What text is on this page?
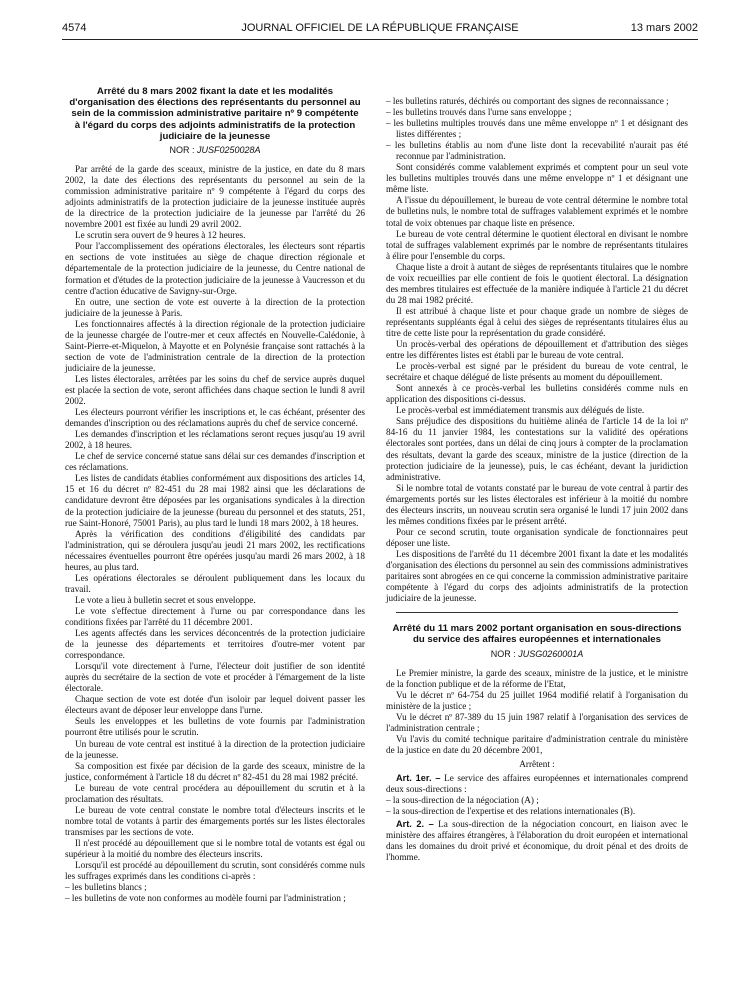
4574	JOURNAL OFFICIEL DE LA RÉPUBLIQUE FRANÇAISE	13 mars 2002
Arrêté du 8 mars 2002 fixant la date et les modalités d'organisation des élections des représentants du personnel au sein de la commission administrative paritaire nº 9 compétente à l'égard du corps des adjoints administratifs de la protection judiciaire de la jeunesse
NOR : JUSF0250028A

Par arrêté de la garde des sceaux, ministre de la justice, en date du 8 mars 2002, la date des élections des représentants du personnel au sein de la commission administrative paritaire nº 9 compétente à l'égard du corps des adjoints administratifs de la protection judiciaire de la jeunesse instituée auprès de la directrice de la protection judiciaire de la jeunesse par l'arrêté du 26 novembre 2001 est fixée au lundi 29 avril 2002.

Le scrutin sera ouvert de 9 heures à 12 heures.

Pour l'accomplissement des opérations électorales, les électeurs sont répartis en sections de vote instituées au siège de chaque direction régionale et départementale de la protection judiciaire de la jeunesse, du Centre national de formation et d'études de la protection judiciaire de la jeunesse à Vaucresson et du centre d'action éducative de Savigny-sur-Orge.

En outre, une section de vote est ouverte à la direction de la protection judiciaire de la jeunesse à Paris.

Les fonctionnaires affectés à la direction régionale de la protection judiciaire de la jeunesse chargée de l'outre-mer et ceux affectés en Nouvelle-Calédonie, à Saint-Pierre-et-Miquelon, à Mayotte et en Polynésie française sont rattachés à la section de vote de l'administration centrale de la direction de la protection judiciaire de la jeunesse.

Les listes électorales, arrêtées par les soins du chef de service auprès duquel est placée la section de vote, seront affichées dans chaque section le lundi 8 avril 2002.

Les électeurs pourront vérifier les inscriptions et, le cas échéant, présenter des demandes d'inscription ou des réclamations auprès du chef de service concerné.

Les demandes d'inscription et les réclamations seront reçues jusqu'au 19 avril 2002, à 18 heures.

Le chef de service concerné statue sans délai sur ces demandes d'inscription et ces réclamations.

Les listes de candidats établies conformément aux dispositions des articles 14, 15 et 16 du décret nº 82-451 du 28 mai 1982 ainsi que les déclarations de candidature devront être déposées par les organisations syndicales à la direction de la protection judiciaire de la jeunesse (bureau du personnel et des statuts, 251, rue Saint-Honoré, 75001 Paris), au plus tard le lundi 18 mars 2002, à 18 heures.

Après la vérification des conditions d'éligibilité des candidats par l'administration, qui se déroulera jusqu'au jeudi 21 mars 2002, les rectifications nécessaires éventuelles pourront être opérées jusqu'au mardi 26 mars 2002, à 18 heures, au plus tard.

Les opérations électorales se déroulent publiquement dans les locaux du travail.

Le vote a lieu à bulletin secret et sous enveloppe.

Le vote s'effectue directement à l'urne ou par correspondance dans les conditions fixées par l'arrêté du 11 décembre 2001.

Les agents affectés dans les services déconcentrés de la protection judiciaire de la jeunesse des départements et territoires d'outre-mer votent par correspondance.

Lorsqu'il vote directement à l'urne, l'électeur doit justifier de son identité auprès du secrétaire de la section de vote et procéder à l'émargement de la liste électorale.

Chaque section de vote est dotée d'un isoloir par lequel doivent passer les électeurs avant de déposer leur enveloppe dans l'urne.

Seuls les enveloppes et les bulletins de vote fournis par l'administration pourront être utilisés pour le scrutin.

Un bureau de vote central est institué à la direction de la protection judiciaire de la jeunesse.

Sa composition est fixée par décision de la garde des sceaux, ministre de la justice, conformément à l'article 18 du décret nº 82-451 du 28 mai 1982 précité.

Le bureau de vote central procédera au dépouillement du scrutin et à la proclamation des résultats.

Le bureau de vote central constate le nombre total d'électeurs inscrits et le nombre total de votants à partir des émargements portés sur les listes électorales transmises par les sections de vote.

Il n'est procédé au dépouillement que si le nombre total de votants est égal ou supérieur à la moitié du nombre des électeurs inscrits.

Lorsqu'il est procédé au dépouillement du scrutin, sont considérés comme nuls les suffrages exprimés dans les conditions ci-après :

– les bulletins blancs ;
– les bulletins de vote non conformes au modèle fourni par l'administration ;
– les bulletins raturés, déchirés ou comportant des signes de reconnaissance ;
– les bulletins trouvés dans l'urne sans enveloppe ;
– les bulletins multiples trouvés dans une même enveloppe nº 1 et désignant des listes différentes ;
– les bulletins établis au nom d'une liste dont la recevabilité n'aurait pas été reconnue par l'administration.

Sont considérés comme valablement exprimés et comptent pour un seul vote les bulletins multiples trouvés dans une même enveloppe nº 1 et désignant une même liste.

A l'issue du dépouillement, le bureau de vote central détermine le nombre total de bulletins nuls, le nombre total de suffrages valablement exprimés et le nombre total de voix obtenues par chaque liste en présence.

Le bureau de vote central détermine le quotient électoral en divisant le nombre total de suffrages valablement exprimés par le nombre de représentants titulaires à élire pour l'ensemble du corps.

Chaque liste a droit à autant de sièges de représentants titulaires que le nombre de voix recueillies par elle contient de fois le quotient électoral. La désignation des membres titulaires est effectuée de la manière indiquée à l'article 21 du décret du 28 mai 1982 précité.

Il est attribué à chaque liste et pour chaque grade un nombre de sièges de représentants suppléants égal à celui des sièges de représentants titulaires élus au titre de cette liste pour la représentation du grade considéré.

Un procès-verbal des opérations de dépouillement et d'attribution des sièges entre les différentes listes est établi par le bureau de vote central.

Le procès-verbal est signé par le président du bureau de vote central, le secrétaire et chaque délégué de liste présents au moment du dépouillement.

Sont annexés à ce procès-verbal les bulletins considérés comme nuls en application des dispositions ci-dessus.

Le procès-verbal est immédiatement transmis aux délégués de liste.

Sans préjudice des dispositions du huitième alinéa de l'article 14 de la loi nº 84-16 du 11 janvier 1984, les contestations sur la validité des opérations électorales sont portées, dans un délai de cinq jours à compter de la proclamation des résultats, devant la garde des sceaux, ministre de la justice (direction de la protection judiciaire de la jeunesse), puis, le cas échéant, devant la juridiction administrative.

Si le nombre total de votants constaté par le bureau de vote central à partir des émargements portés sur les listes électorales est inférieur à la moitié du nombre des électeurs inscrits, un nouveau scrutin sera organisé le lundi 17 juin 2002 dans les mêmes conditions fixées par le présent arrêté.

Pour ce second scrutin, toute organisation syndicale de fonctionnaires peut déposer une liste.

Les dispositions de l'arrêté du 11 décembre 2001 fixant la date et les modalités d'organisation des élections du personnel au sein des commissions administratives paritaires sont abrogées en ce qui concerne la commission administrative paritaire compétente à l'égard du corps des adjoints administratifs de la protection judiciaire de la jeunesse.

Arrêté du 11 mars 2002 portant organisation en sous-directions du service des affaires européennes et internationales
NOR : JUSG0260001A

Le Premier ministre, la garde des sceaux, ministre de la justice, et le ministre de la fonction publique et de la réforme de l'Etat,

Vu le décret nº 64-754 du 25 juillet 1964 modifié relatif à l'organisation du ministère de la justice ;

Vu le décret nº 87-389 du 15 juin 1987 relatif à l'organisation des services de l'administration centrale ;

Vu l'avis du comité technique paritaire d'administration centrale du ministère de la justice en date du 20 décembre 2001,

Arrêtent :

Art. 1er. – Le service des affaires européennes et internationales comprend deux sous-directions :

– la sous-direction de la négociation (A) ;
– la sous-direction de l'expertise et des relations internationales (B).

Art. 2. – La sous-direction de la négociation concourt, en liaison avec le ministère des affaires étrangères, à l'élaboration du droit européen et international dans les domaines du droit privé et économique, du droit pénal et des droits de l'homme.
